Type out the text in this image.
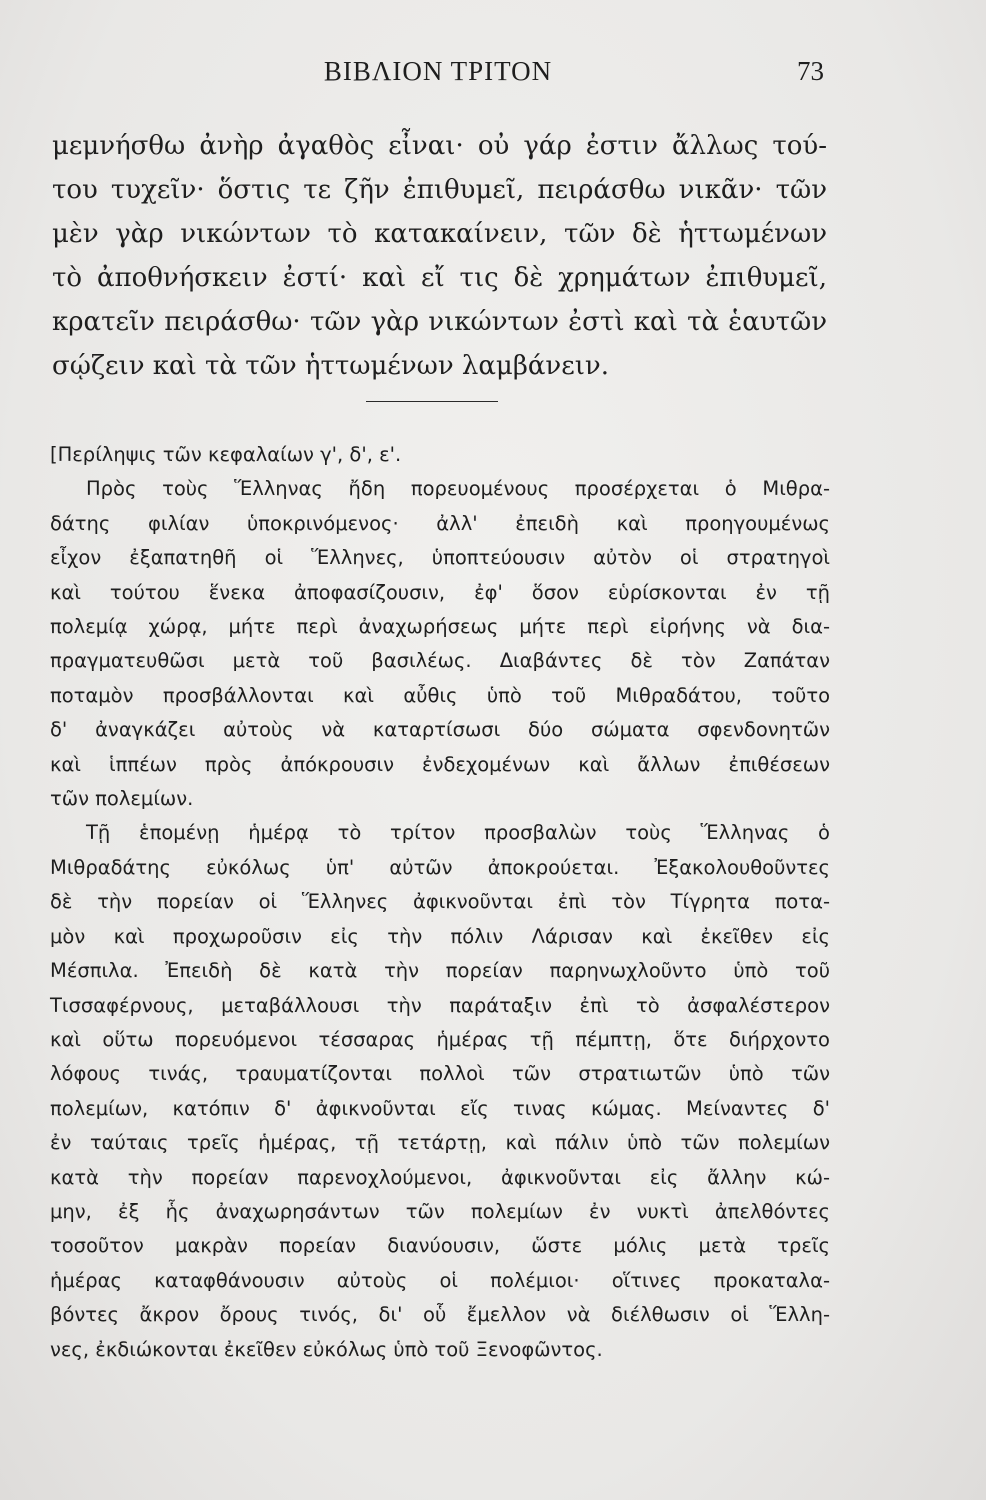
ΒΙΒΛΙΟΝ ΤΡΙΤΟΝ	73
μεμνήσθω ἀνὴρ ἀγαθὸς εἶναι· οὐ γάρ ἐστιν ἄλλως τού-
του τυχεῖν· ὅστις τε ζῆν ἐπιθυμεῖ, πειράσθω νικᾶν· τῶν
μὲν γὰρ νικώντων τὸ κατακαίνειν, τῶν δὲ ἡττωμένων
τὸ ἀποθνήσκειν ἐστί· καὶ εἴ τις δὲ χρημάτων ἐπιθυμεῖ,
κρατεῖν πειράσθω· τῶν γὰρ νικώντων ἐστὶ καὶ τὰ ἑαυτῶν
σῴζειν καὶ τὰ τῶν ἡττωμένων λαμβάνειν.
[Περίληψις τῶν κεφαλαίων γ', δ', ε'.
Πρὸς τοὺς Ἕλληνας ἤδη πορευομένους προσέρχεται ὁ Μιθρα-
δάτης φιλίαν ὑποκρινόμενος· ἀλλ' ἐπειδὴ καὶ προηγουμένως
εἶχον ἐξαπατηθῆ οἱ Ἕλληνες, ὑποπτεύουσιν αὐτὸν οἱ στρατηγοὶ
καὶ τούτου ἕνεκα ἀποφασίζουσιν, ἐφ' ὅσον εὑρίσκονται ἐν τῇ
πολεμίᾳ χώρᾳ, μήτε περὶ ἀναχωρήσεως μήτε περὶ εἰρήνης νὰ δια-
πραγματευθῶσι μετὰ τοῦ βασιλέως. Διαβάντες δὲ τὸν Ζαπάταν
ποταμὸν προσβάλλονται καὶ αὖθις ὑπὸ τοῦ Μιθραδάτου, τοῦτο
δ' ἀναγκάζει αὐτοὺς νὰ καταρτίσωσι δύο σώματα σφενδονητῶν
καὶ ἱππέων πρὸς ἀπόκρουσιν ἐνδεχομένων καὶ ἄλλων ἐπιθέσεων
τῶν πολεμίων.
Τῇ ἑπομένῃ ἡμέρᾳ τὸ τρίτον προσβαλὼν τοὺς Ἕλληνας ὁ
Μιθραδάτης εὐκόλως ὑπ' αὐτῶν ἀποκρούεται. Ἐξακολουθοῦντες
δὲ τὴν πορείαν οἱ Ἕλληνες ἀφικνοῦνται ἐπὶ τὸν Τίγρητα ποτα-
μὸν καὶ προχωροῦσιν εἰς τὴν πόλιν Λάρισαν καὶ ἐκεῖθεν εἰς
Μέσπιλα. Ἐπειδὴ δὲ κατὰ τὴν πορείαν παρηνωχλοῦντο ὑπὸ τοῦ
Τισσαφέρνους, μεταβάλλουσι τὴν παράταξιν ἐπὶ τὸ ἀσφαλέστερον
καὶ οὕτω πορευόμενοι τέσσαρας ἡμέρας τῇ πέμπτῃ, ὅτε διήρχοντο
λόφους τινάς, τραυματίζονται πολλοὶ τῶν στρατιωτῶν ὑπὸ τῶν
πολεμίων, κατόπιν δ' ἀφικνοῦνται εἴς τινας κώμας. Μείναντες δ'
ἐν ταύταις τρεῖς ἡμέρας, τῇ τετάρτῃ, καὶ πάλιν ὑπὸ τῶν πολεμίων
κατὰ τὴν πορείαν παρενοχλούμενοι, ἀφικνοῦνται εἰς ἄλλην κώ-
μην, ἐξ ἧς ἀναχωρησάντων τῶν πολεμίων ἐν νυκτὶ ἀπελθόντες
τοσοῦτον μακρὰν πορείαν διανύουσιν, ὥστε μόλις μετὰ τρεῖς
ἡμέρας καταφθάνουσιν αὐτοὺς οἱ πολέμιοι· οἵτινες προκαταλα-
βόντες ἄκρον ὄρους τινός, δι' οὗ ἔμελλον νὰ διέλθωσιν οἱ Ἕλλη-
νες, ἐκδιώκονται ἐκεῖθεν εὐκόλως ὑπὸ τοῦ Ξενοφῶντος.
